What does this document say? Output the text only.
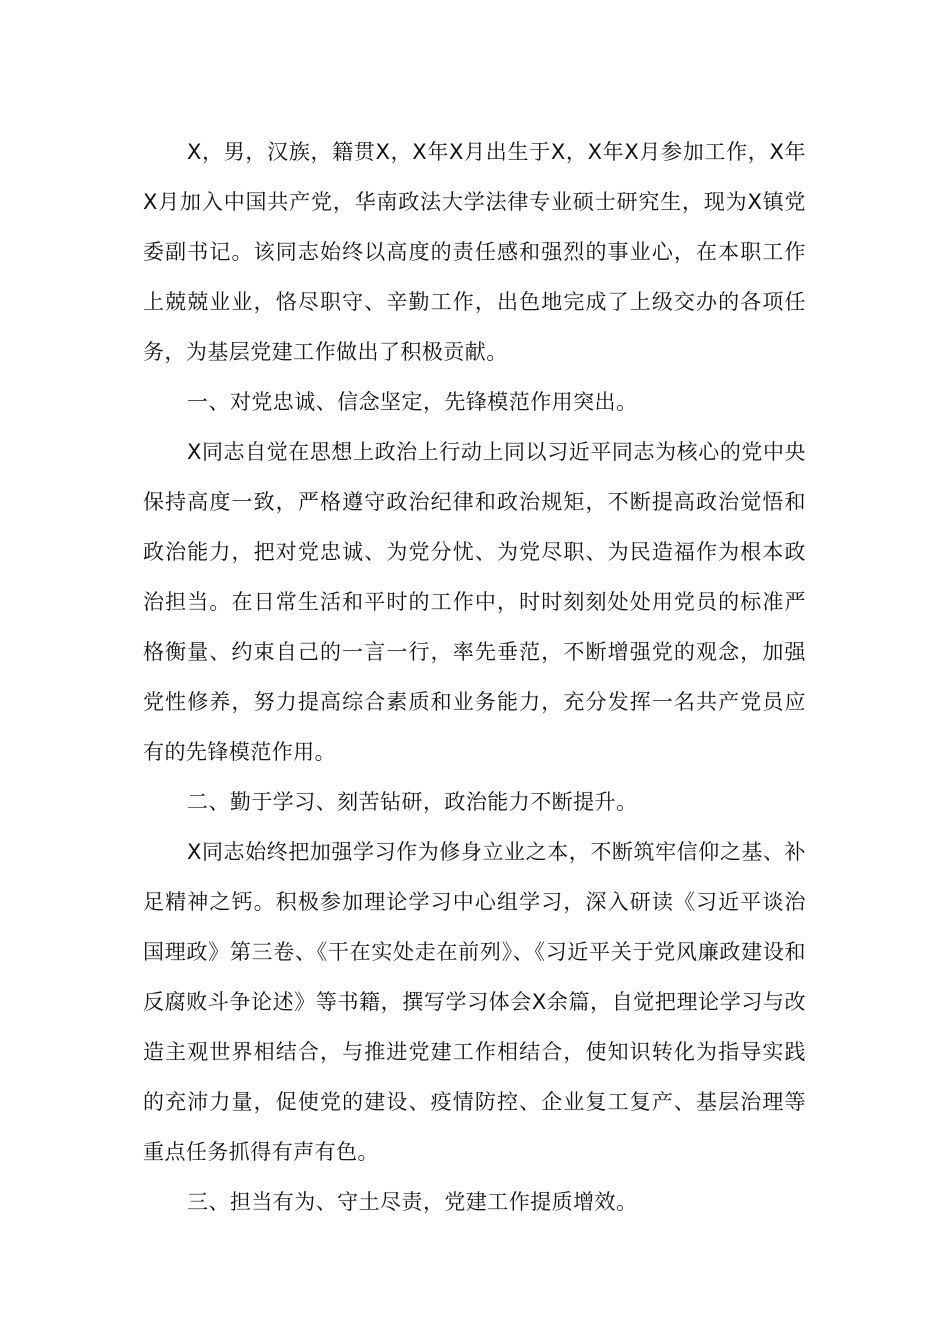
X，男，汉族，籍贯X，X年X月出生于X，X年X月参加工作，X年X月加入中国共产党，华南政法大学法律专业硕士研究生，现为X镇党委副书记。该同志始终以高度的责任感和强烈的事业心，在本职工作上兢兢业业，恪尽职守、辛勤工作，出色地完成了上级交办的各项任务，为基层党建工作做出了积极贡献。

一、对党忠诚、信念坚定，先锋模范作用突出。

X同志自觉在思想上政治上行动上同以习近平同志为核心的党中央保持高度一致，严格遵守政治纪律和政治规矩，不断提高政治觉悟和政治能力，把对党忠诚、为党分忧、为党尽职、为民造福作为根本政治担当。在日常生活和平时的工作中，时时刻刻处处用党员的标准严格衡量、约束自己的一言一行，率先垂范，不断增强党的观念，加强党性修养，努力提高综合素质和业务能力，充分发挥一名共产党员应有的先锋模范作用。

二、勤于学习、刻苦钻研，政治能力不断提升。

X同志始终把加强学习作为修身立业之本，不断筑牢信仰之基、补足精神之钙。积极参加理论学习中心组学习，深入研读《习近平谈治国理政》第三卷、《干在实处走在前列》、《习近平关于党风廉政建设和反腐败斗争论述》等书籍，撰写学习体会X余篇，自觉把理论学习与改造主观世界相结合，与推进党建工作相结合，使知识转化为指导实践的充沛力量，促使党的建设、疫情防控、企业复工复产、基层治理等重点任务抓得有声有色。

三、担当有为、守土尽责，党建工作提质增效。
